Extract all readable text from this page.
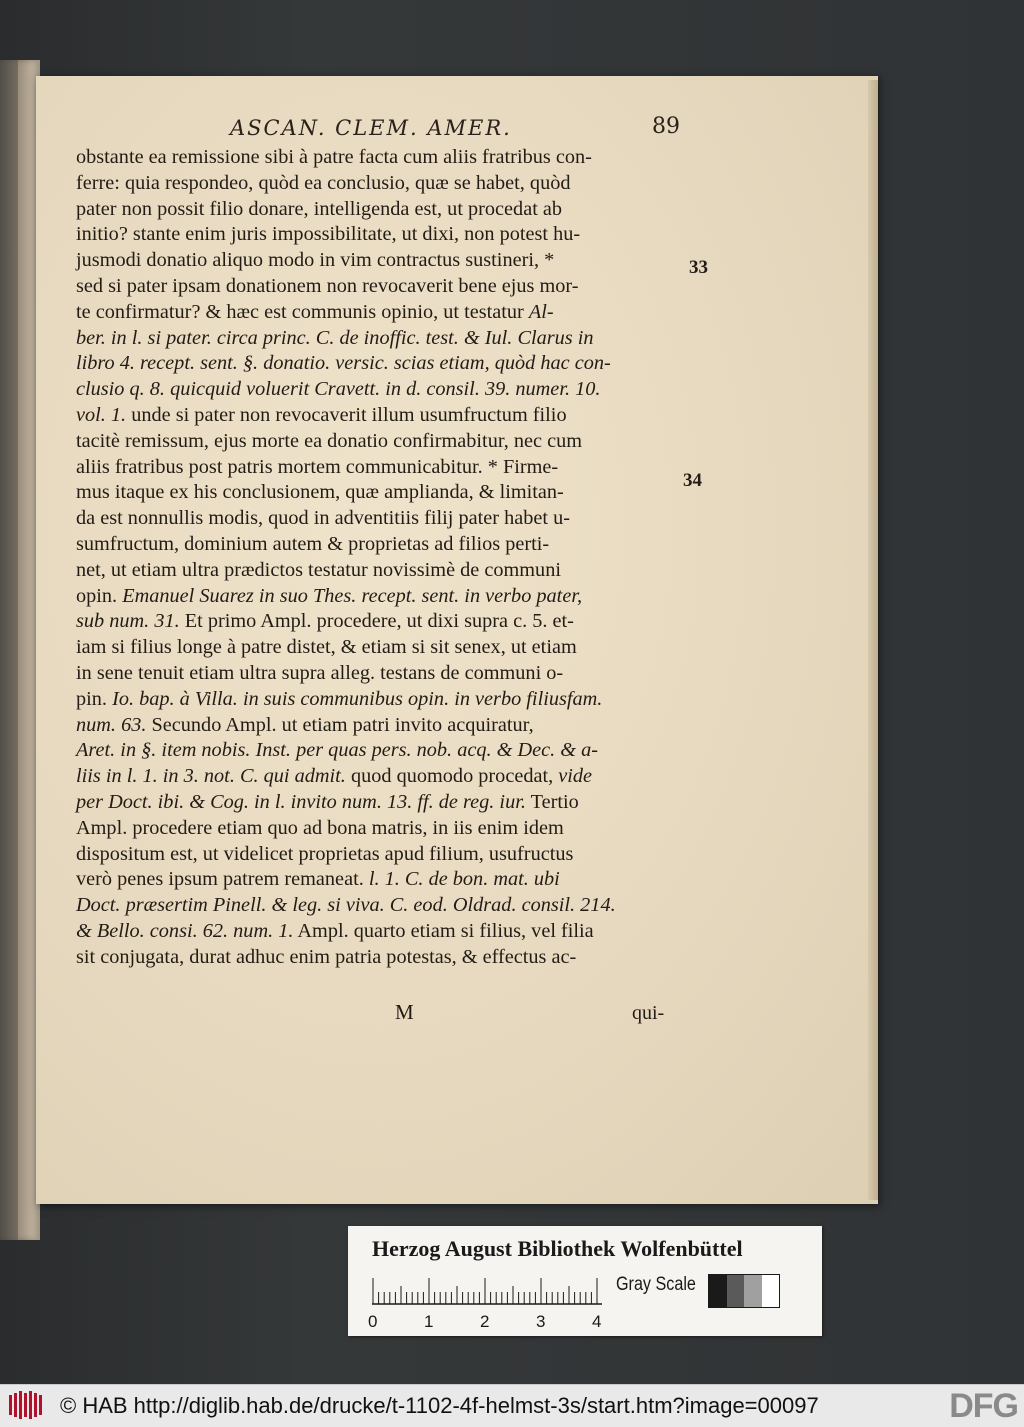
ASCAN. CLEM. AMER.	89
obstante ea remissione sibi à patre facta cum aliis fratribus con-
ferre: quia respondeo, quòd ea conclusio, quæ se habet, quòd
pater non possit filio donare, intelligenda est, ut procedat ab
initio? stante enim juris impossibilitate, ut dixi, non potest hu-
jusmodi donatio aliquo modo in vim contractus sustineri, *
sed si pater ipsam donationem non revocaverit bene ejus mor-
te confirmatur? & hæc est communis opinio, ut testatur Al-
ber. in l. si pater. circa princ. C. de inoffic. test. & Iul. Clarus in
libro 4. recept. sent. §. donatio. versic. scias etiam, quòd hac con-
clusio q. 8. quicquid voluerit Cravett. in d. consil. 39. numer. 10.
vol. 1. unde si pater non revocaverit illum usumfructum filio
tacitè remissum, ejus morte ea donatio confirmabitur, nec cum
aliis fratribus post patris mortem communicabitur. * Firme-
mus itaque ex his conclusionem, quæ amplianda, & limitan-
da est nonnullis modis, quod in adventitiis filij pater habet u-
sumfructum, dominium autem & proprietas ad filios perti-
net, ut etiam ultra prædictos testatur novissimè de communi
opin. Emanuel Suarez in suo Thes. recept. sent. in verbo pater,
sub num. 31. Et primo Ampl. procedere, ut dixi supra c. 5. et-
iam si filius longe à patre distet, & etiam si sit senex, ut etiam
in sene tenuit etiam ultra supra alleg. testans de communi o-
pin. Io. bap. à Villa. in suis communibus opin. in verbo filiusfam.
num. 63. Secundo Ampl. ut etiam patri invito acquiratur,
Aret. in §. item nobis. Inst. per quas pers. nob. acq. & Dec. & a-
liis in l. 1. in 3. not. C. qui admit. quod quomodo procedat, vide
per Doct. ibi. & Cog. in l. invito num. 13. ff. de reg. iur. Tertio
Ampl. procedere etiam quo ad bona matris, in iis enim idem
dispositum est, ut videlicet proprietas apud filium, usufructus
verò penes ipsum patrem remaneat. l. 1. C. de bon. mat. ubi
Doct. præsertim Pinell. & leg. si viva. C. eod. Oldrad. consil. 214.
& Bello. consi. 62. num. 1. Ampl. quarto etiam si filius, vel filia
sit conjugata, durat adhuc enim patria potestas, & effectus ac-
33
34
M	qui-
Herzog August Bibliothek Wolfenbüttel
0	1	2	3	4
Gray Scale
© HAB http://diglib.hab.de/drucke/t-1102-4f-helmst-3s/start.htm?image=00097	DFG
